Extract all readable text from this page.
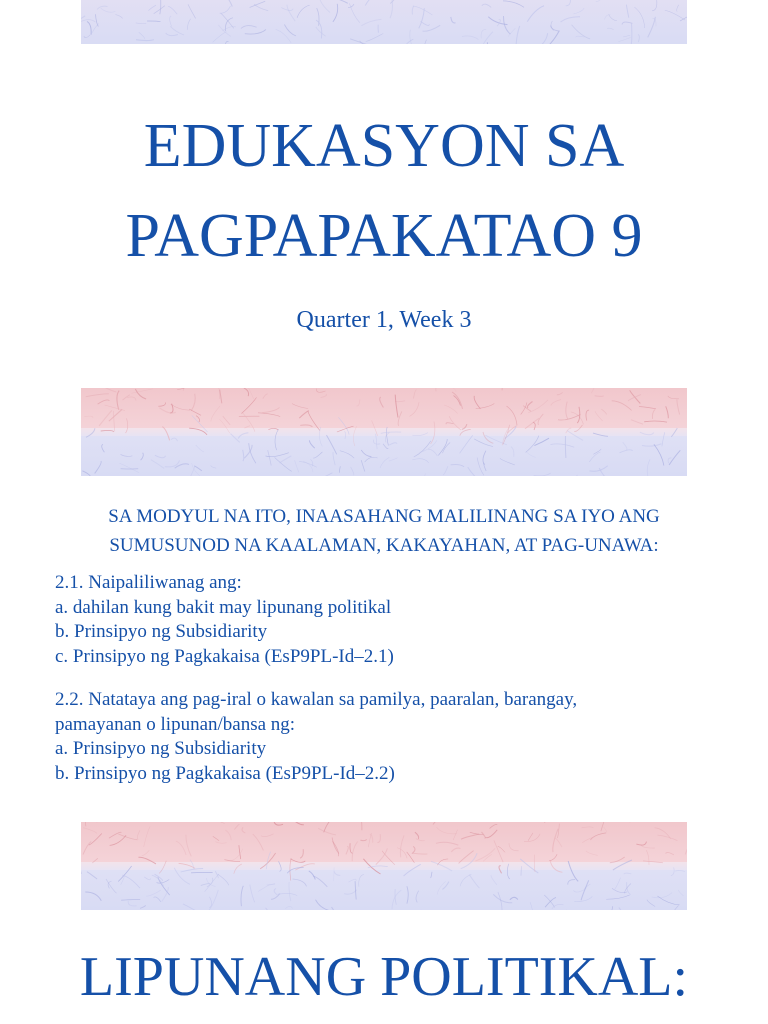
EDUKASYON SA
PAGPAPAKATAO 9
Quarter 1, Week 3
SA MODYUL NA ITO, INAASAHANG MALILINANG SA IYO ANG
SUMUSUNOD NA KAALAMAN, KAKAYAHAN, AT PAG-UNAWA:
2.1. Naipaliliwanag ang:
a. dahilan kung bakit may lipunang politikal
b. Prinsipyo ng Subsidiarity
c. Prinsipyo ng Pagkakaisa (EsP9PL-Id–2.1)
2.2. Natataya ang pag-iral o kawalan sa pamilya, paaralan, barangay,
pamayanan o lipunan/bansa ng:
a. Prinsipyo ng Subsidiarity
b. Prinsipyo ng Pagkakaisa (EsP9PL-Id–2.2)
LIPUNANG POLITIKAL:
